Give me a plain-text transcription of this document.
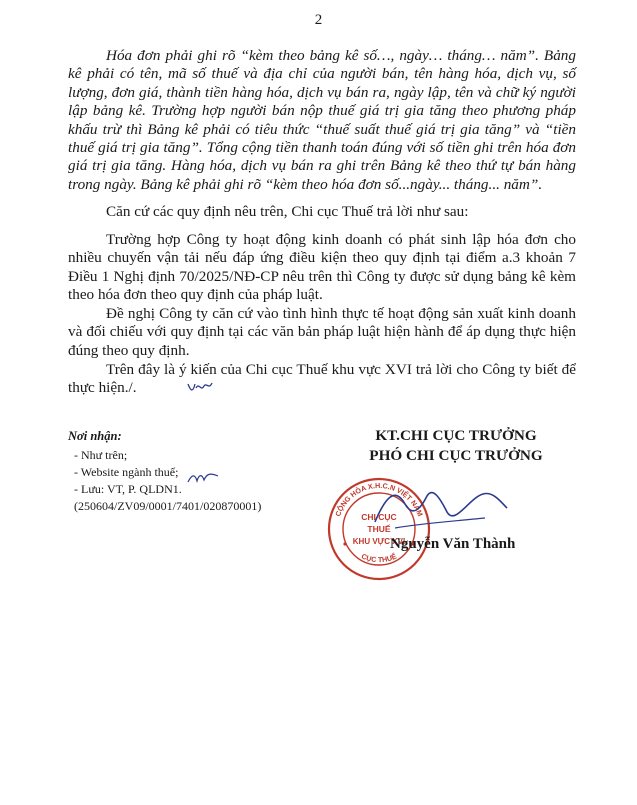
2

Hóa đơn phải ghi rõ “kèm theo bảng kê số…, ngày… tháng… năm”. Bảng kê phải có tên, mã số thuế và địa chỉ của người bán, tên hàng hóa, dịch vụ, số lượng, đơn giá, thành tiền hàng hóa, dịch vụ bán ra, ngày lập, tên và chữ ký người lập bảng kê. Trường hợp người bán nộp thuế giá trị gia tăng theo phương pháp khấu trừ thì Bảng kê phải có tiêu thức “thuế suất thuế giá trị gia tăng” và “tiền thuế giá trị gia tăng”. Tổng cộng tiền thanh toán đúng với số tiền ghi trên hóa đơn giá trị gia tăng. Hàng hóa, dịch vụ bán ra ghi trên Bảng kê theo thứ tự bán hàng trong ngày. Bảng kê phải ghi rõ “kèm theo hóa đơn số...ngày... tháng... năm”.

Căn cứ các quy định nêu trên, Chi cục Thuế trả lời như sau:
Trường hợp Công ty hoạt động kinh doanh có phát sinh lập hóa đơn cho nhiều chuyến vận tải nếu đáp ứng điều kiện theo quy định tại điểm a.3 khoản 7 Điều 1 Nghị định 70/2025/NĐ-CP nêu trên thì Công ty được sử dụng bảng kê kèm theo hóa đơn theo quy định của pháp luật.
Đề nghị Công ty căn cứ vào tình hình thực tế hoạt động sản xuất kinh doanh và đối chiếu với quy định tại các văn bản pháp luật hiện hành để áp dụng thực hiện đúng theo quy định.
Trên đây là ý kiến của Chi cục Thuế khu vực XVI trả lời cho Công ty biết để thực hiện./.
Nơi nhận:
- Như trên;
- Website ngành thuế;
- Lưu: VT, P. QLDN1.
(250604/ZV09/0001/7401/020870001)
KT.CHI CỤC TRƯỞNG
PHÓ CHI CỤC TRƯỞNG
CỘNG HÒA X.H.C.N VIỆT NAM
CỤC THUẾ
CHI CỤC
THUẾ
KHU VỰC XVI
Nguyễn Văn Thành
